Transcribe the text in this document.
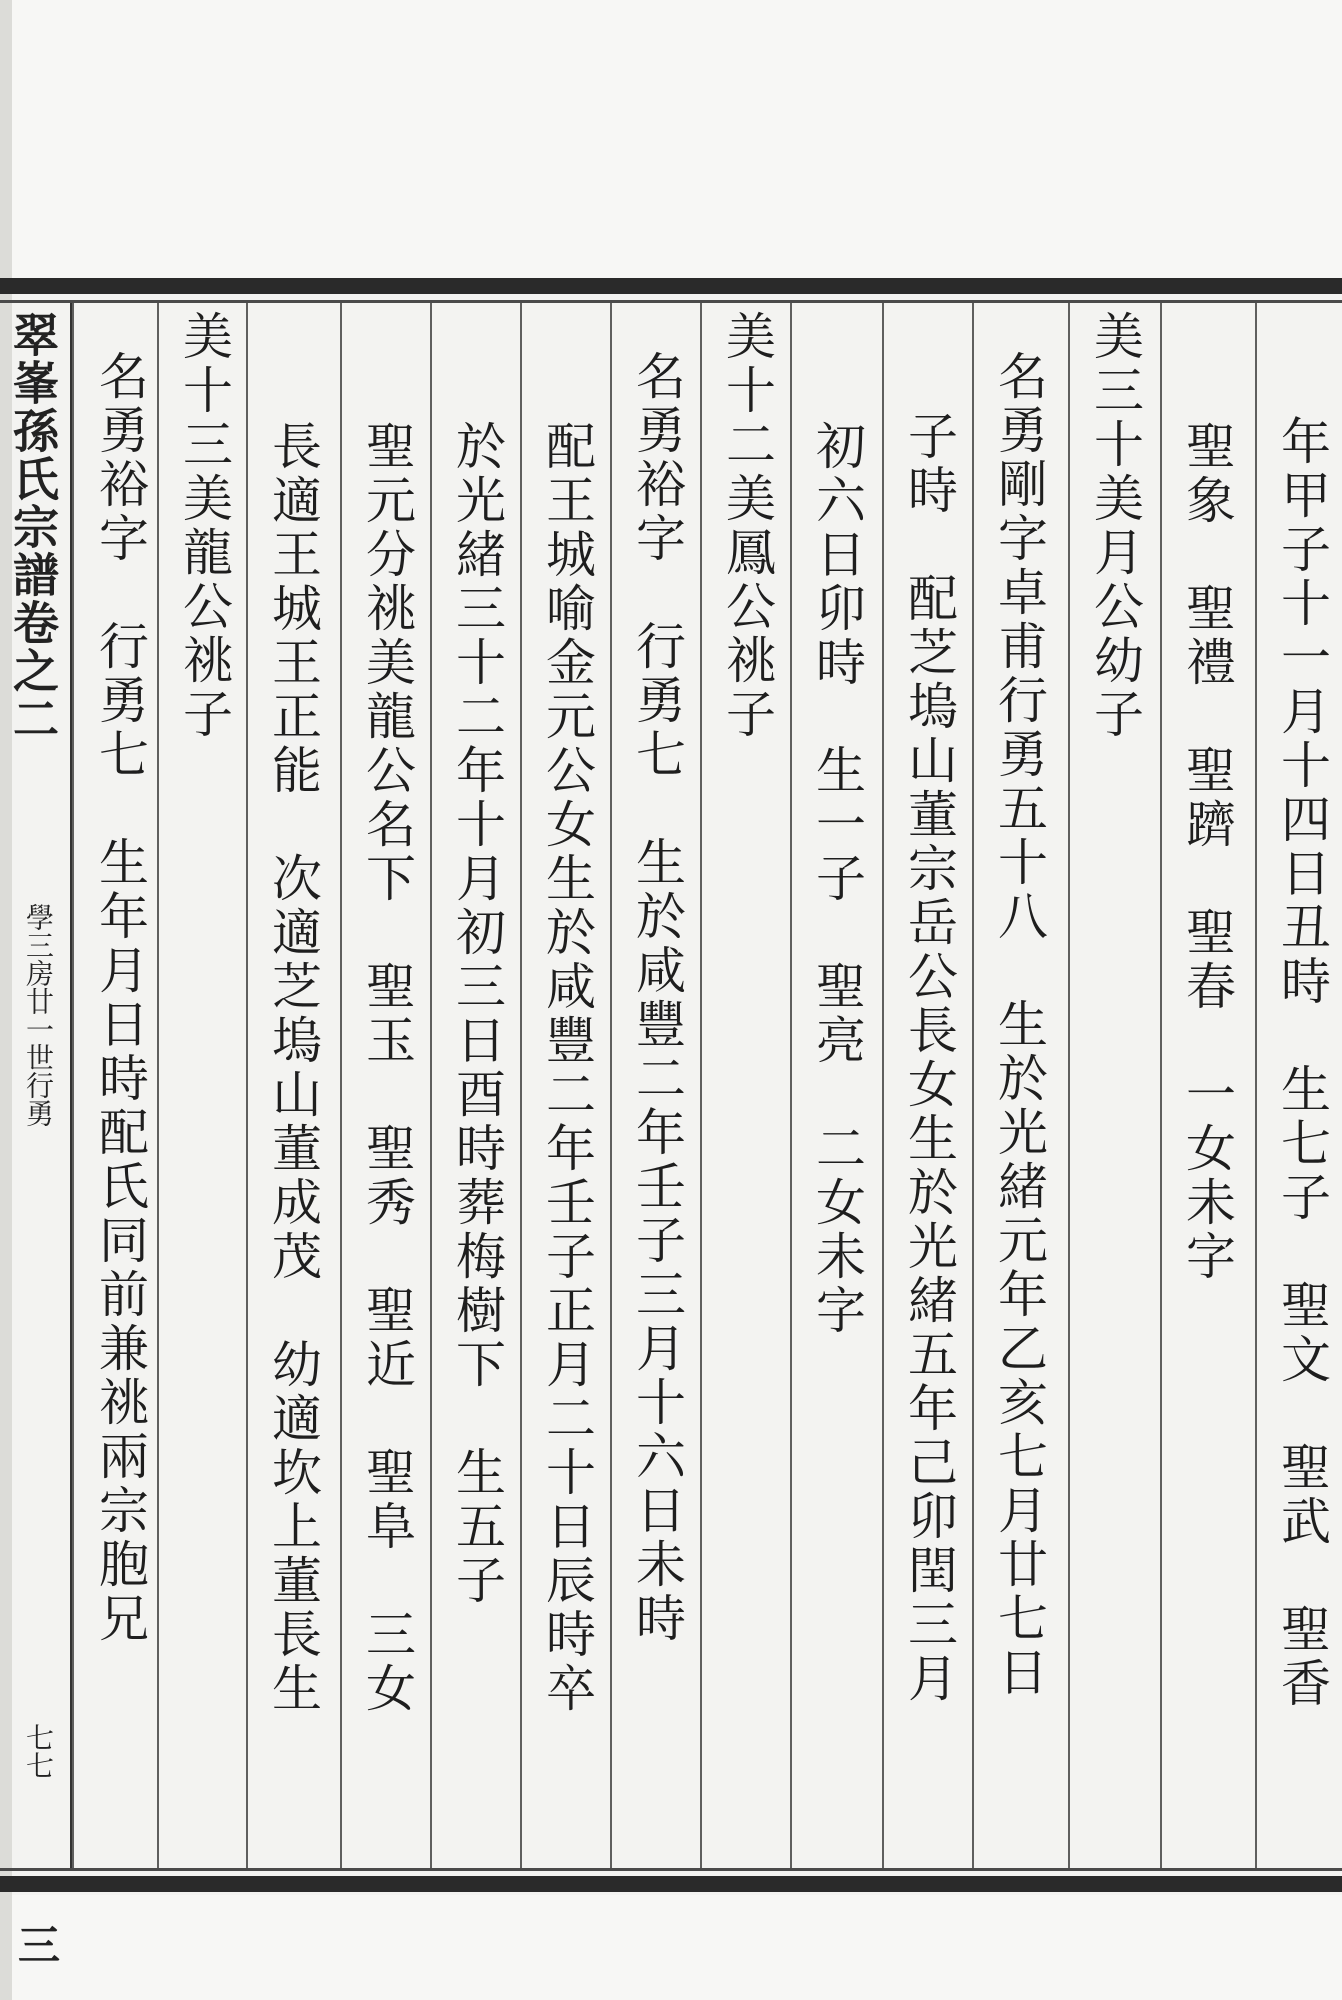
翠峯孫氏宗譜卷之二
學三房廿一世行勇
七七
三
年甲子十一月十四日丑時　生七子　聖文　聖武　聖香
聖象　聖禮　聖躋　聖春　一女未字
美三十美月公幼子
名勇剛字卓甫行勇五十八　生於光緒元年乙亥七月廿七日
子時　配芝塢山董宗岳公長女生於光緒五年己卯閏三月
初六日卯時　生一子　聖亮　二女未字
美十二美鳳公祧子
名勇裕字　行勇七　生於咸豐二年壬子三月十六日未時
配王城喻金元公女生於咸豐二年壬子正月二十日辰時卒
於光緒三十二年十月初三日酉時葬梅樹下　生五子
聖元分祧美龍公名下　聖玉　聖秀　聖近　聖阜　三女
長適王城王正能　次適芝塢山董成茂　幼適坎上董長生
美十三美龍公祧子
名勇裕字　行勇七　生年月日時配氏同前兼祧兩宗胞兄
